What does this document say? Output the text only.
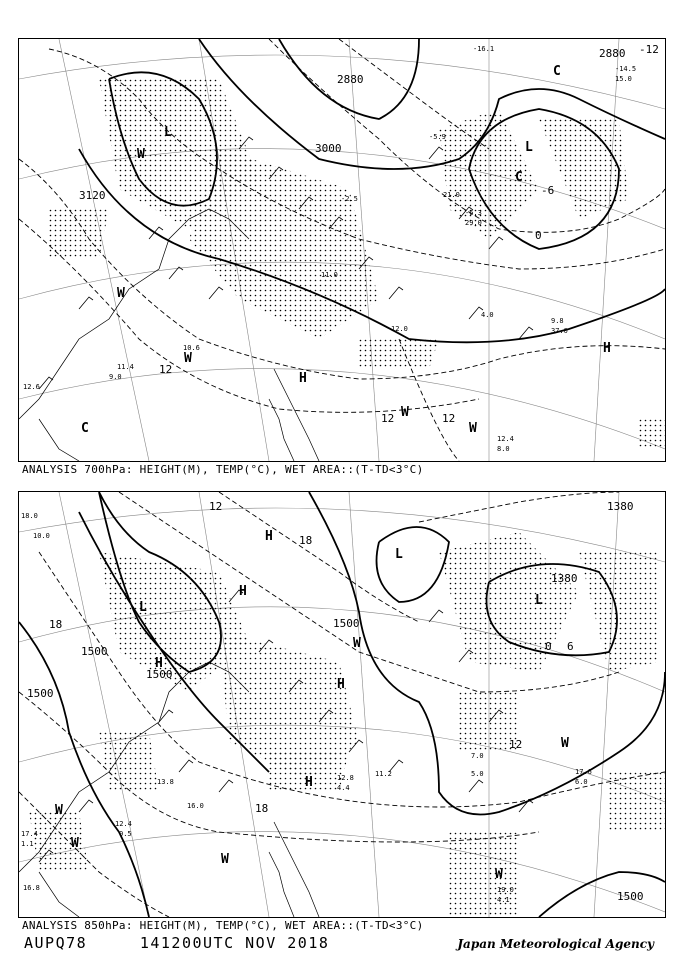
3120
3000
2880
2880 -12
-6
0
12
12	12
L
W	L
C
C
W
W
H
W
W
H
C
-16.1
-14.5
15.0
-5.9
21.0
-6.3
29.0
-2.5
11.0
4.0
12.0
9.8
37.0
12.4
8.0
10.6
12.6
11.4
9.0
ANALYSIS 700hPa: HEIGHT(M), TEMP(°C), WET AREA::(T-TD<3°C)
1500
1500
1500
1500
1500
1380
1380
12
18
18
12
18
6
0
L
H
H
H
L
L
H
H
W
W
W
W
W
W
18.0
10.0
17.4
1.1
12.4
0.5
16.8
12.8
4.4
11.2
7.0
5.0
19.0
4.1
17.6
6.0
13.8
16.0
ANALYSIS 850hPa: HEIGHT(M), TEMP(°C), WET AREA::(T-TD<3°C)
AUPQ78	141200UTC NOV 2018	Japan Meteorological Agency
